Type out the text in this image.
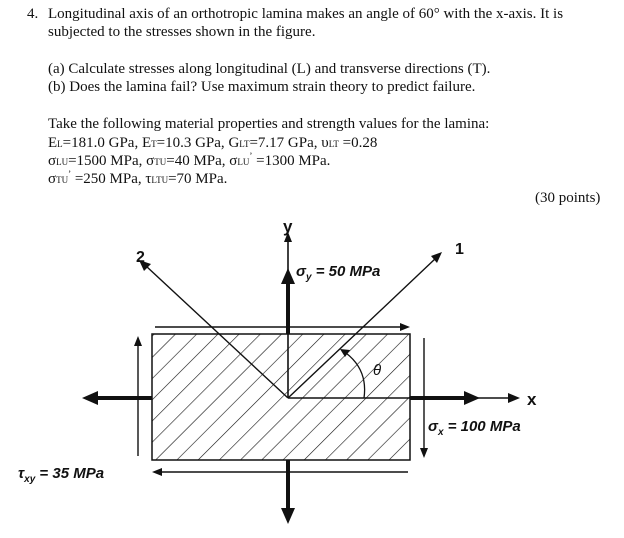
4. Longitudinal axis of an orthotropic lamina makes an angle of 60° with the x-axis. It is
subjected to the stresses shown in the figure.
(a) Calculate stresses along longitudinal (L) and transverse directions (T).
(b) Does the lamina fail? Use maximum strain theory to predict failure.
Take the following material properties and strength values for the lamina:
EL=181.0 GPa, ET=10.3 GPa, GLT=7.17 GPa, υLT =0.28
σLU=1500 MPa, σTU=40 MPa, σLU’ =1300 MPa.
σTU’ =250 MPa, τLTU=70 MPa.
(30 points)
y
x
1
2
θ
$\sigma_y = 50$ MPa
$\sigma_x = 100$ MPa
$\tau_{xy} = 35$ MPa
